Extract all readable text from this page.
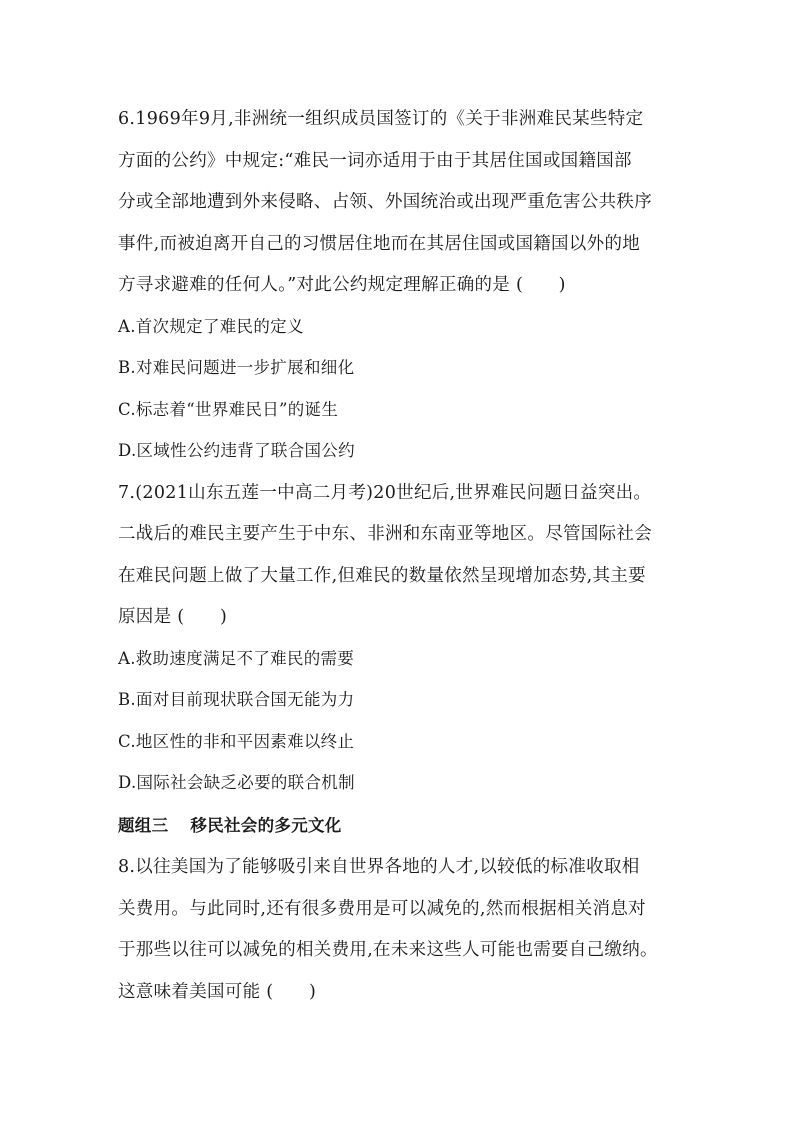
6.1969年9月,非洲统一组织成员国签订的《关于非洲难民某些特定
方面的公约》中规定:“难民一词亦适用于由于其居住国或国籍国部
分或全部地遭到外来侵略、占领、外国统治或出现严重危害公共秩序
事件,而被迫离开自己的习惯居住地而在其居住国或国籍国以外的地
方寻求避难的任何人。”对此公约规定理解正确的是 (　　)
A.首次规定了难民的定义
B.对难民问题进一步扩展和细化
C.标志着“世界难民日”的诞生
D.区域性公约违背了联合国公约
7.(2021山东五莲一中高二月考)20世纪后,世界难民问题日益突出。
二战后的难民主要产生于中东、非洲和东南亚等地区。尽管国际社会
在难民问题上做了大量工作,但难民的数量依然呈现增加态势,其主要
原因是 (　　)
A.救助速度满足不了难民的需要
B.面对目前现状联合国无能为力
C.地区性的非和平因素难以终止
D.国际社会缺乏必要的联合机制
题组三 移民社会的多元文化
8.以往美国为了能够吸引来自世界各地的人才,以较低的标准收取相
关费用。与此同时,还有很多费用是可以减免的,然而根据相关消息对
于那些以往可以减免的相关费用,在未来这些人可能也需要自己缴纳。
这意味着美国可能 (　　)
